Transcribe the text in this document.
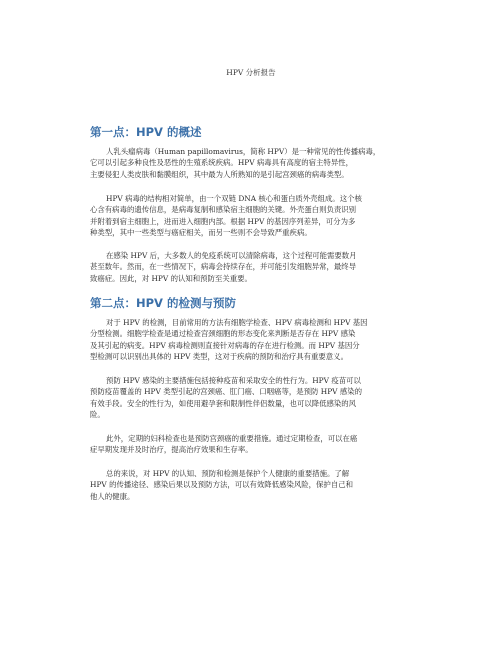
HPV 分析报告
第一点：HPV 的概述
人乳头瘤病毒（Human papillomavirus，简称 HPV）是一种常见的性传播病毒，
它可以引起多种良性及恶性的生殖系统疾病。HPV 病毒具有高度的宿主特异性，
主要侵犯人类皮肤和黏膜组织，其中最为人所熟知的是引起宫颈癌的病毒类型。
HPV 病毒的结构相对简单，由一个双链 DNA 核心和蛋白质外壳组成。这个核
心含有病毒的遗传信息，是病毒复制和感染宿主细胞的关键。外壳蛋白则负责识别
并附着到宿主细胞上，进而进入细胞内部。根据 HPV 的基因序列差异，可分为多
种类型，其中一些类型与癌症相关，而另一些则不会导致严重疾病。
在感染 HPV 后，大多数人的免疫系统可以清除病毒，这个过程可能需要数月
甚至数年。然而，在一些情况下，病毒会持续存在，并可能引发细胞异常，最终导
致癌症。因此，对 HPV 的认知和预防至关重要。
第二点：HPV 的检测与预防
对于 HPV 的检测，目前常用的方法有细胞学检查、HPV 病毒检测和 HPV 基因
分型检测。细胞学检查是通过检查宫颈细胞的形态变化来判断是否存在 HPV 感染
及其引起的病变。HPV 病毒检测则直接针对病毒的存在进行检测。而 HPV 基因分
型检测可以识别出具体的 HPV 类型，这对于疾病的预防和治疗具有重要意义。
预防 HPV 感染的主要措施包括接种疫苗和采取安全的性行为。HPV 疫苗可以
预防疫苗覆盖的 HPV 类型引起的宫颈癌、肛门癌、口咽癌等，是预防 HPV 感染的
有效手段。安全的性行为，如使用避孕套和限制性伴侣数量，也可以降低感染的风
险。
此外，定期的妇科检查也是预防宫颈癌的重要措施。通过定期检查，可以在癌
症早期发现并及时治疗，提高治疗效果和生存率。
总的来说，对 HPV 的认知、预防和检测是保护个人健康的重要措施。了解
HPV 的传播途径、感染后果以及预防方法，可以有效降低感染风险，保护自己和
他人的健康。
